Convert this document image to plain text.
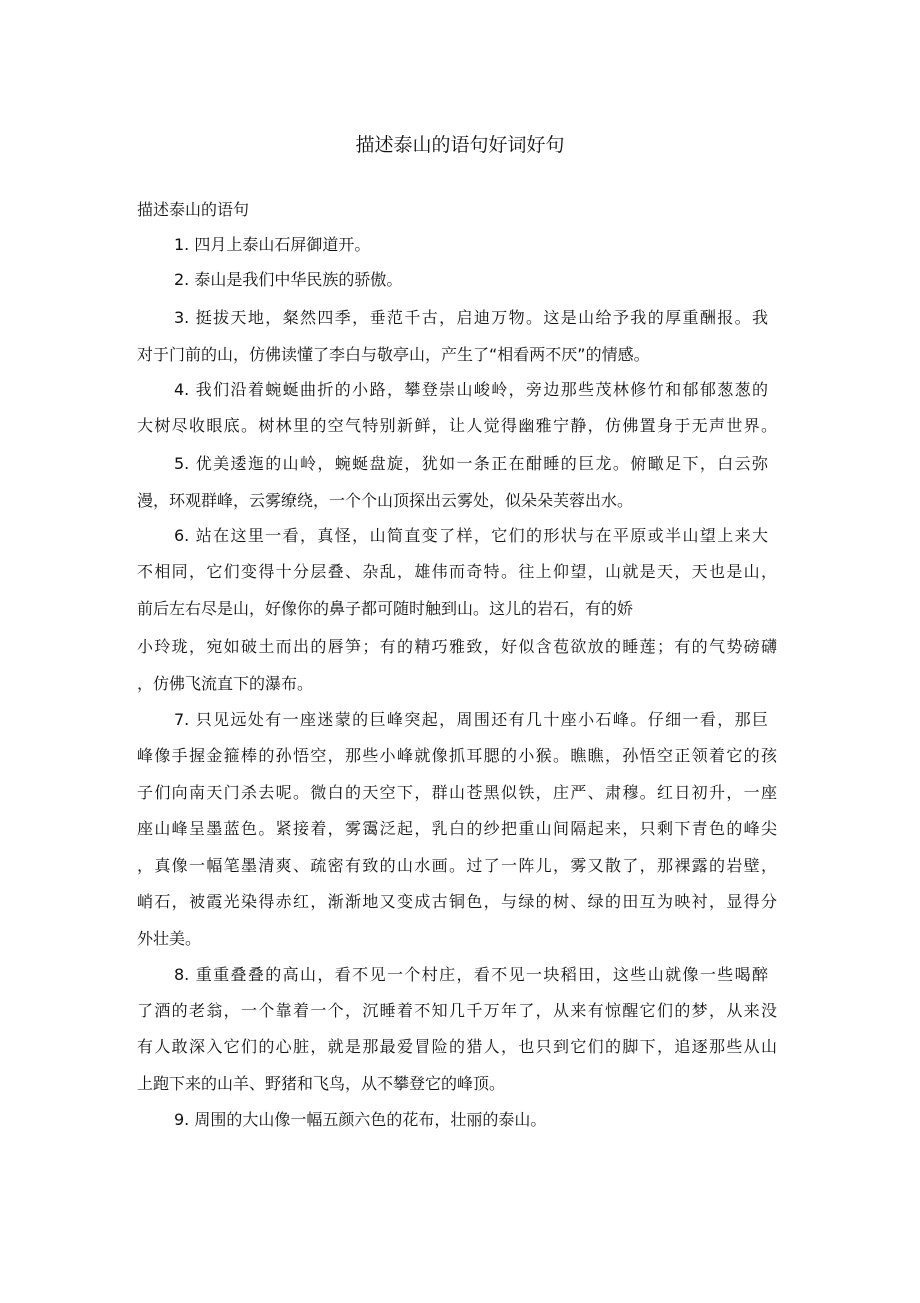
描述泰山的语句好词好句
描述泰山的语句
1. 四月上泰山石屏御道开。
2. 泰山是我们中华民族的骄傲。
3. 挺拔天地，粲然四季，垂范千古，启迪万物。这是山给予我的厚重酬报。我
对于门前的山，仿佛读懂了李白与敬亭山，产生了“相看两不厌”的情感。
4. 我们沿着蜿蜒曲折的小路，攀登崇山峻岭，旁边那些茂林修竹和郁郁葱葱的
大树尽收眼底。树林里的空气特别新鲜，让人觉得幽雅宁静，仿佛置身于无声世界。
5. 优美逶迤的山岭，蜿蜒盘旋，犹如一条正在酣睡的巨龙。俯瞰足下，白云弥
漫，环观群峰，云雾缭绕，一个个山顶探出云雾处，似朵朵芙蓉出水。
6. 站在这里一看，真怪，山简直变了样，它们的形状与在平原或半山望上来大
不相同，它们变得十分层叠、杂乱，雄伟而奇特。往上仰望，山就是天，天也是山，
前后左右尽是山，好像你的鼻子都可随时触到山。这儿的岩石，有的娇
小玲珑，宛如破土而出的唇笋；有的精巧雅致，好似含苞欲放的睡莲；有的气势磅礴
，仿佛飞流直下的瀑布。
7. 只见远处有一座迷蒙的巨峰突起，周围还有几十座小石峰。仔细一看，那巨
峰像手握金箍棒的孙悟空，那些小峰就像抓耳腮的小猴。瞧瞧，孙悟空正领着它的孩
子们向南天门杀去呢。微白的天空下，群山苍黑似铁，庄严、肃穆。红日初升，一座
座山峰呈墨蓝色。紧接着，雾霭泛起，乳白的纱把重山间隔起来，只剩下青色的峰尖
，真像一幅笔墨清爽、疏密有致的山水画。过了一阵儿，雾又散了，那裸露的岩壁，
峭石，被霞光染得赤红，渐渐地又变成古铜色，与绿的树、绿的田互为映衬，显得分
外壮美。
8. 重重叠叠的高山，看不见一个村庄，看不见一块稻田，这些山就像一些喝醉
了酒的老翁，一个靠着一个，沉睡着不知几千万年了，从来有惊醒它们的梦，从来没
有人敢深入它们的心脏，就是那最爱冒险的猎人，也只到它们的脚下，追逐那些从山
上跑下来的山羊、野猪和飞鸟，从不攀登它的峰顶。
9. 周围的大山像一幅五颜六色的花布，壮丽的泰山。
